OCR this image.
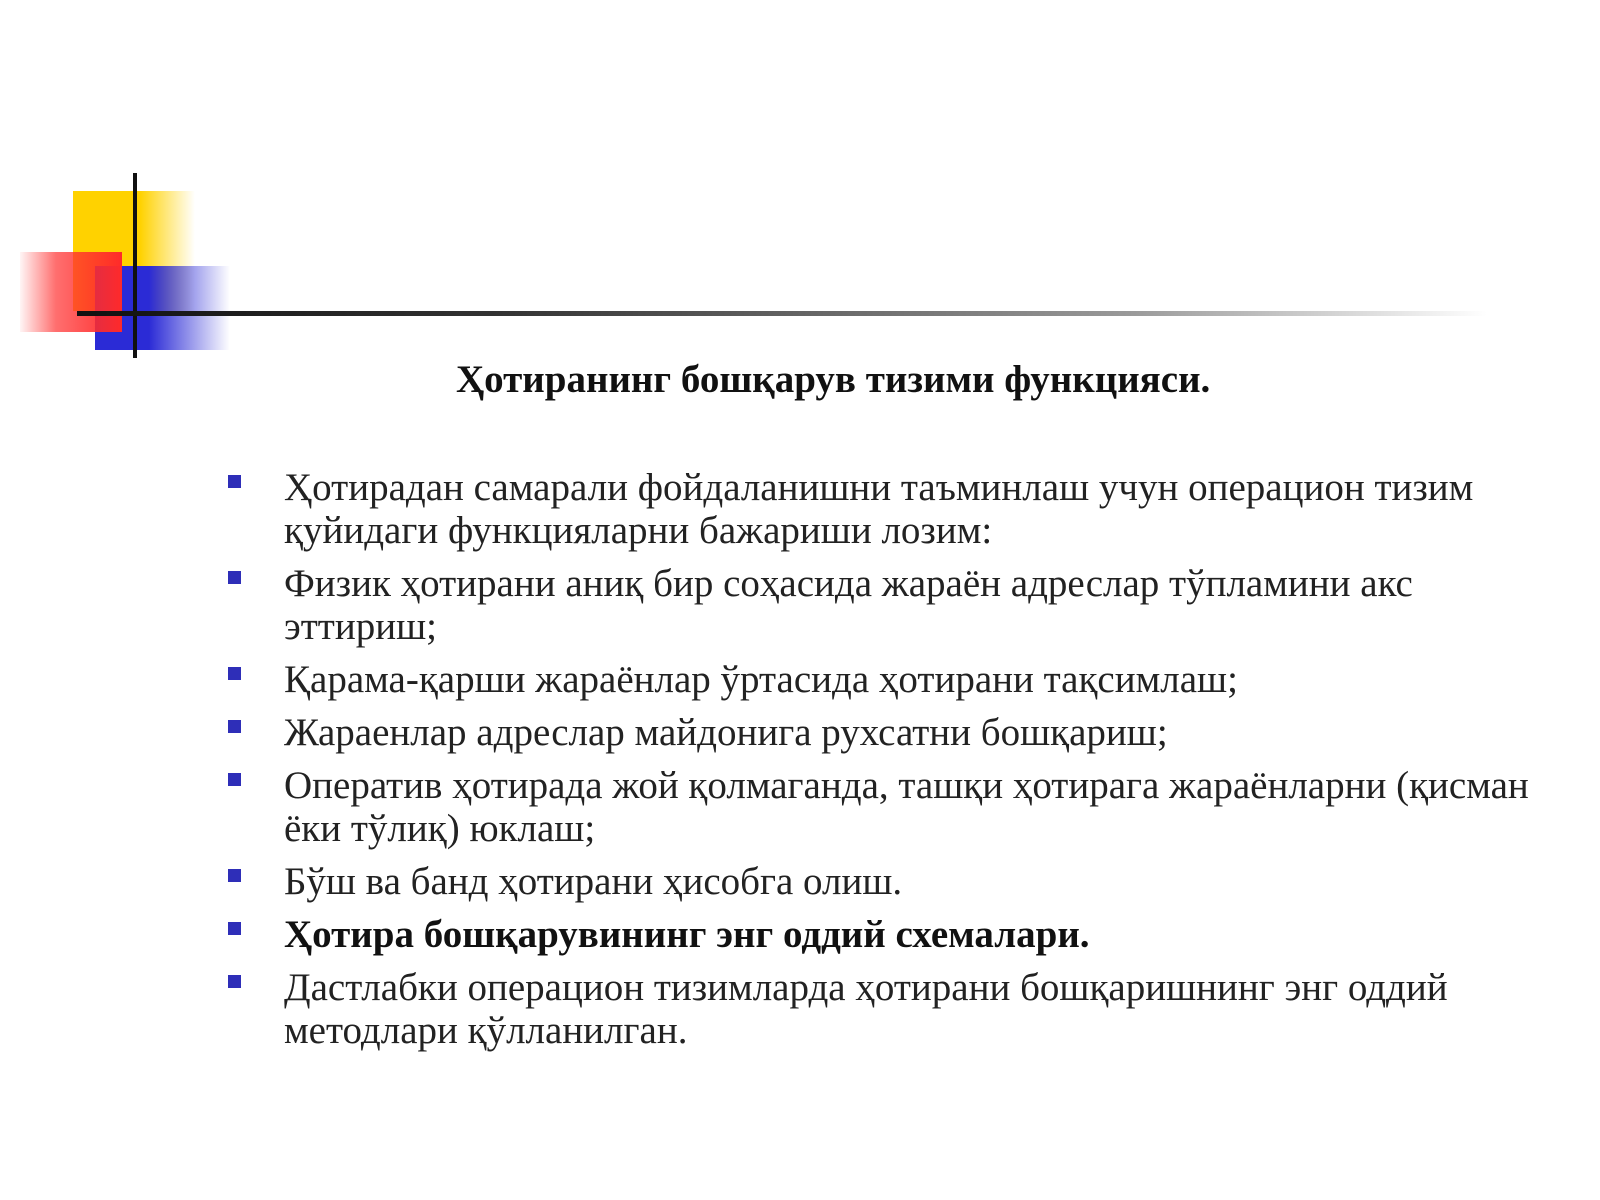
Ҳотиранинг бошқарув тизими функцияси.
Ҳотирадан самарали фойдаланишни таъминлаш учун операцион тизим қуйидаги функцияларни бажариши лозим:
Физик ҳотирани аниқ бир соҳасида жараён адреслар тўпламини акс эттириш;
Қарама-қарши жараёнлар ўртасида ҳотирани тақсимлаш;
Жараенлар адреслар майдонига рухсатни бошқариш;
Оператив ҳотирада жой қолмаганда, ташқи ҳотирага жараёнларни (қисман ёки тўлиқ) юклаш;
Бўш ва банд ҳотирани ҳисобга олиш.
Ҳотира бошқарувининг энг оддий схемалари.
Дастлабки операцион тизимларда ҳотирани бошқаришнинг энг оддий методлари қўлланилган.
